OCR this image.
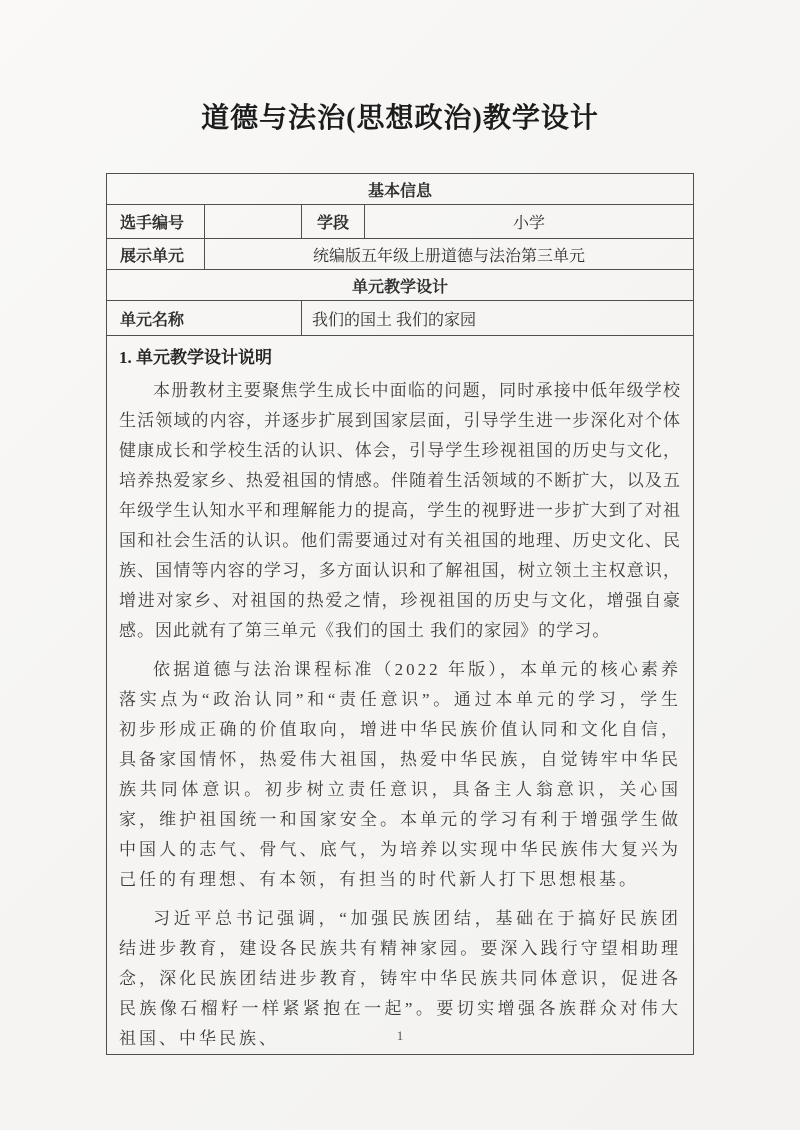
道德与法治(思想政治)教学设计
基本信息			
选手编号		学段	小学
展示单元	统编版五年级上册道德与法治第三单元		
单元教学设计			
单元名称		我们的国土 我们的家园	

1. 单元教学设计说明

本册教材主要聚焦学生成长中面临的问题，同时承接中低年级学校生活领域的内容，并逐步扩展到国家层面，引导学生进一步深化对个体健康成长和学校生活的认识、体会，引导学生珍视祖国的历史与文化，培养热爱家乡、热爱祖国的情感。伴随着生活领域的不断扩大，以及五年级学生认知水平和理解能力的提高，学生的视野进一步扩大到了对祖国和社会生活的认识。他们需要通过对有关祖国的地理、历史文化、民族、国情等内容的学习，多方面认识和了解祖国，树立领土主权意识，增进对家乡、对祖国的热爱之情，珍视祖国的历史与文化，增强自豪感。因此就有了第三单元《我们的国土 我们的家园》的学习。

依据道德与法治课程标准（2022 年版），本单元的核心素养落实点为“政治认同”和“责任意识”。通过本单元的学习，学生初步形成正确的价值取向，增进中华民族价值认同和文化自信，具备家国情怀，热爱伟大祖国，热爱中华民族，自觉铸牢中华民族共同体意识。初步树立责任意识，具备主人翁意识，关心国家，维护祖国统一和国家安全。本单元的学习有利于增强学生做中国人的志气、骨气、底气，为培养以实现中华民族伟大复兴为己任的有理想、有本领，有担当的时代新人打下思想根基。

习近平总书记强调，“加强民族团结，基础在于搞好民族团结进步教育，建设各民族共有精神家园。要深入践行守望相助理念，深化民族团结进步教育，铸牢中华民族共同体意识，促进各民族像石榴籽一样紧紧抱在一起”。要切实增强各族群众对伟大祖国、中华民族、				1
